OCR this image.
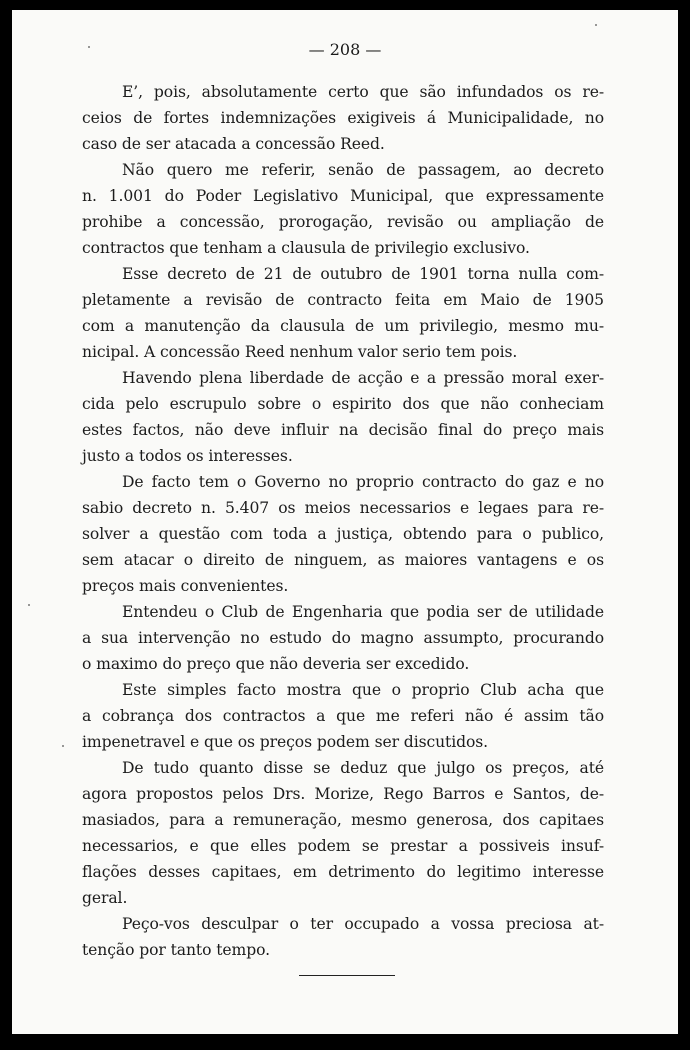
— 208 —
E’, pois, absolutamente certo que são infundados os re-
ceios de fortes indemnizações exigiveis á Municipalidade, no
caso de ser atacada a concessão Reed.
Não quero me referir, senão de passagem, ao decreto
n. 1.001 do Poder Legislativo Municipal, que expressamente
prohibe a concessão, prorogação, revisão ou ampliação de
contractos que tenham a clausula de privilegio exclusivo.
Esse decreto de 21 de outubro de 1901 torna nulla com-
pletamente a revisão de contracto feita em Maio de 1905
com a manutenção da clausula de um privilegio, mesmo mu-
nicipal. A concessão Reed nenhum valor serio tem pois.
Havendo plena liberdade de acção e a pressão moral exer-
cida pelo escrupulo sobre o espirito dos que não conheciam
estes factos, não deve influir na decisão final do preço mais
justo a todos os interesses.
De facto tem o Governo no proprio contracto do gaz e no
sabio decreto n. 5.407 os meios necessarios e legaes para re-
solver a questão com toda a justiça, obtendo para o publico,
sem atacar o direito de ninguem, as maiores vantagens e os
preços mais convenientes.
Entendeu o Club de Engenharia que podia ser de utilidade
a sua intervenção no estudo do magno assumpto, procurando
o maximo do preço que não deveria ser excedido.
Este simples facto mostra que o proprio Club acha que
a cobrança dos contractos a que me referi não é assim tão
impenetravel e que os preços podem ser discutidos.
De tudo quanto disse se deduz que julgo os preços, até
agora propostos pelos Drs. Morize, Rego Barros e Santos, de-
masiados, para a remuneração, mesmo generosa, dos capitaes
necessarios, e que elles podem se prestar a possiveis insuf-
flações desses capitaes, em detrimento do legitimo interesse
geral.
Peço-vos desculpar o ter occupado a vossa preciosa at-
tenção por tanto tempo.
